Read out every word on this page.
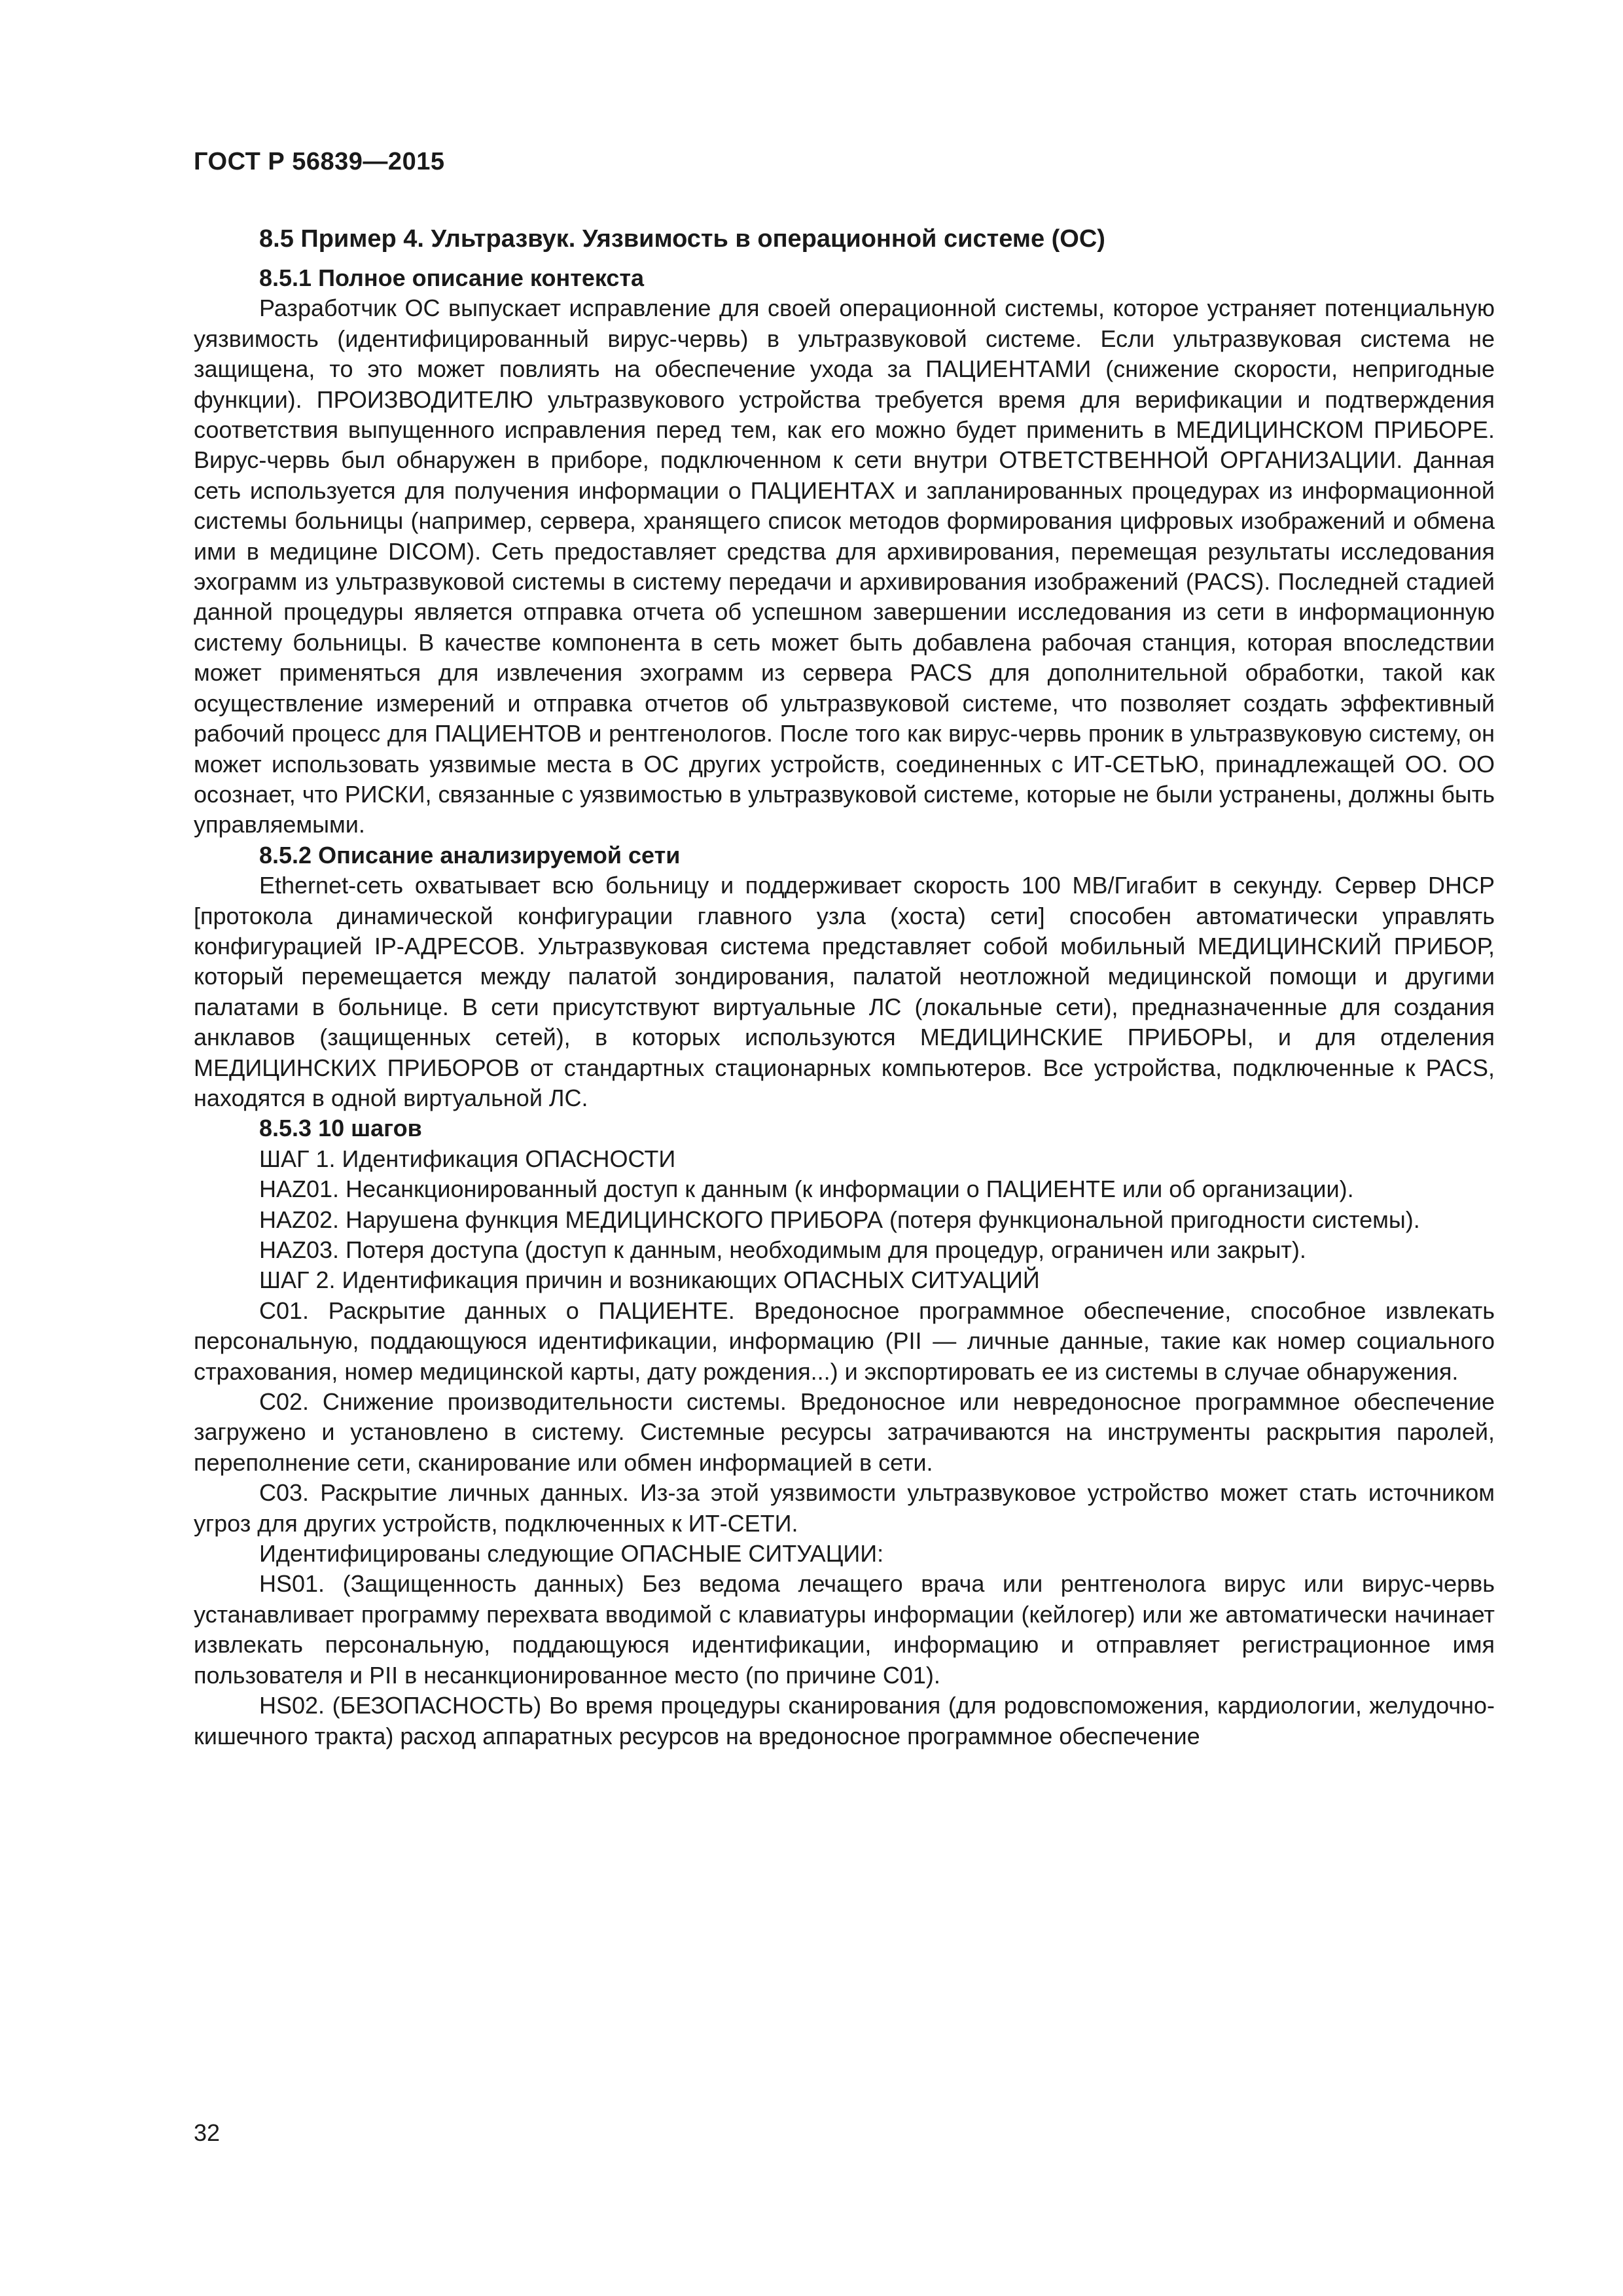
ГОСТ Р 56839—2015
8.5 Пример 4. Ультразвук. Уязвимость в операционной системе (ОС)
8.5.1 Полное описание контекста

Разработчик ОС выпускает исправление для своей операционной системы, которое устраняет потенциальную уязвимость (идентифицированный вирус-червь) в ультразвуковой системе. Если ультразвуковая система не защищена, то это может повлиять на обеспечение ухода за ПАЦИЕНТАМИ (снижение скорости, непригодные функции). ПРОИЗВОДИТЕЛЮ ультразвукового устройства требуется время для верификации и подтверждения соответствия выпущенного исправления перед тем, как его можно будет применить в МЕДИЦИНСКОМ ПРИБОРЕ. Вирус-червь был обнаружен в приборе, подключенном к сети внутри ОТВЕТСТВЕННОЙ ОРГАНИЗАЦИИ. Данная сеть используется для получения информации о ПАЦИЕНТАХ и запланированных процедурах из информационной системы больницы (например, сервера, хранящего список методов формирования цифровых изображений и обмена ими в медицине DICOM). Сеть предоставляет средства для архивирования, перемещая результаты исследования эхограмм из ультразвуковой системы в систему передачи и архивирования изображений (PACS). Последней стадией данной процедуры является отправка отчета об успешном завершении исследования из сети в информационную систему больницы. В качестве компонента в сеть может быть добавлена рабочая станция, которая впоследствии может применяться для извлечения эхограмм из сервера PACS для дополнительной обработки, такой как осуществление измерений и отправка отчетов об ультразвуковой системе, что позволяет создать эффективный рабочий процесс для ПАЦИЕНТОВ и рентгенологов. После того как вирус-червь проник в ультразвуковую систему, он может использовать уязвимые места в ОС других устройств, соединенных с ИТ-СЕТЬЮ, принадлежащей ОО. ОО осознает, что РИСКИ, связанные с уязвимостью в ультразвуковой системе, которые не были устранены, должны быть управляемыми.

8.5.2 Описание анализируемой сети

Ethernet-сеть охватывает всю больницу и поддерживает скорость 100 МВ/Гигабит в секунду. Сервер DHCP [протокола динамической конфигурации главного узла (хоста) сети] способен автоматически управлять конфигурацией IP-АДРЕСОВ. Ультразвуковая система представляет собой мобильный МЕДИЦИНСКИЙ ПРИБОР, который перемещается между палатой зондирования, палатой неотложной медицинской помощи и другими палатами в больнице. В сети присутствуют виртуальные ЛС (локальные сети), предназначенные для создания анклавов (защищенных сетей), в которых используются МЕДИЦИНСКИЕ ПРИБОРЫ, и для отделения МЕДИЦИНСКИХ ПРИБОРОВ от стандартных стационарных компьютеров. Все устройства, подключенные к PACS, находятся в одной виртуальной ЛС.

8.5.3 10 шагов

ШАГ 1. Идентификация ОПАСНОСТИ

HAZ01. Несанкционированный доступ к данным (к информации о ПАЦИЕНТЕ или об организации).

HAZ02. Нарушена функция МЕДИЦИНСКОГО ПРИБОРА (потеря функциональной пригодности системы).

HAZ03. Потеря доступа (доступ к данным, необходимым для процедур, ограничен или закрыт).

ШАГ 2. Идентификация причин и возникающих ОПАСНЫХ СИТУАЦИЙ

С01. Раскрытие данных о ПАЦИЕНТЕ. Вредоносное программное обеспечение, способное извлекать персональную, поддающуюся идентификации, информацию (PII — личные данные, такие как номер социального страхования, номер медицинской карты, дату рождения...) и экспортировать ее из системы в случае обнаружения.

С02. Снижение производительности системы. Вредоносное или невредоносное программное обеспечение загружено и установлено в систему. Системные ресурсы затрачиваются на инструменты раскрытия паролей, переполнение сети, сканирование или обмен информацией в сети.

С03. Раскрытие личных данных. Из-за этой уязвимости ультразвуковое устройство может стать источником угроз для других устройств, подключенных к ИТ-СЕТИ.

Идентифицированы следующие ОПАСНЫЕ СИТУАЦИИ:

HS01. (Защищенность данных) Без ведома лечащего врача или рентгенолога вирус или вирус-червь устанавливает программу перехвата вводимой с клавиатуры информации (кейлогер) или же автоматически начинает извлекать персональную, поддающуюся идентификации, информацию и отправляет регистрационное имя пользователя и PII в несанкционированное место (по причине С01).

HS02. (БЕЗОПАСНОСТЬ) Во время процедуры сканирования (для родовспоможения, кардиологии, желудочно-кишечного тракта) расход аппаратных ресурсов на вредоносное программное обеспечение

32
